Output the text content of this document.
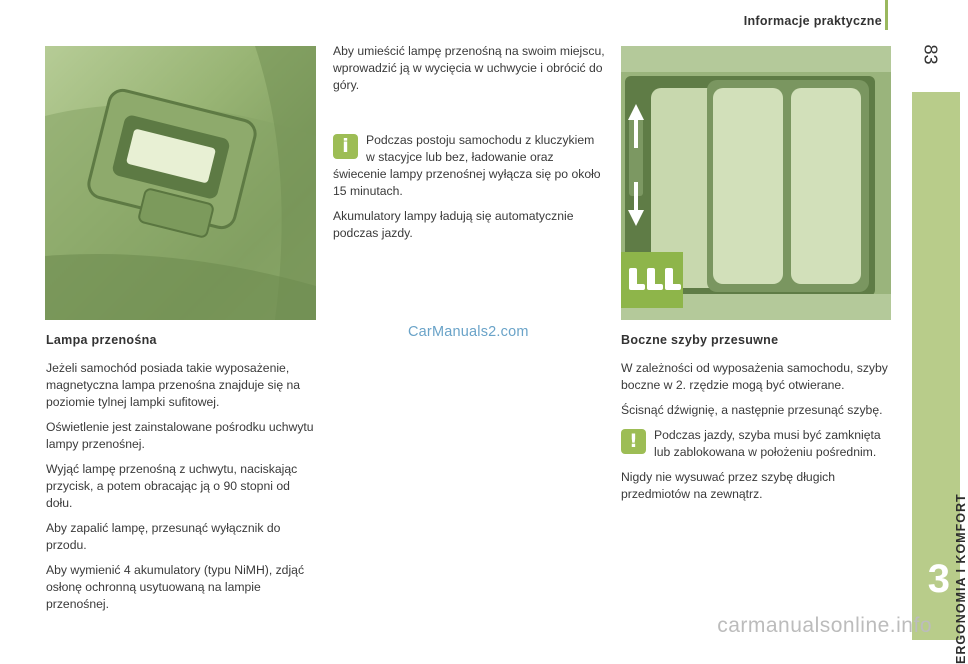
Informacje praktyczne
83
ERGONOMIA I KOMFORT
3
Lampa przenośna

Jeżeli samochód posiada takie wyposażenie, magnetyczna lampa przenośna znajduje się na poziomie tylnej lampki sufitowej.

Oświetlenie jest zainstalowane pośrodku uchwytu lampy przenośnej.

Wyjąć lampę przenośną z uchwytu, naciskając przycisk, a potem obracając ją o 90 stopni od dołu.

Aby zapalić lampę, przesunąć wyłącznik do przodu.

Aby wymienić 4 akumulatory (typu NiMH), zdjąć osłonę ochronną usytuowaną na lampie przenośnej.

Aby umieścić lampę przenośną na swoim miejscu, wprowadzić ją w wycięcia w uchwycie i obrócić do góry.

i	Podczas postoju samochodu z kluczykiem w stacyjce lub bez, ładowanie oraz świecenie lampy przenośnej wyłącza się po około 15 minutach.

Akumulatory lampy ładują się automatycznie podczas jazdy.

Boczne szyby przesuwne

W zależności od wyposażenia samochodu, szyby boczne w 2. rzędzie mogą być otwierane.

Ścisnąć dźwignię, a następnie przesunąć szybę.

!	Podczas jazdy, szyba musi być zamknięta lub zablokowana w położeniu pośrednim.

Nigdy nie wysuwać przez szybę długich przedmiotów na zewnątrz.

CarManuals2.com
carmanualsonline.info
